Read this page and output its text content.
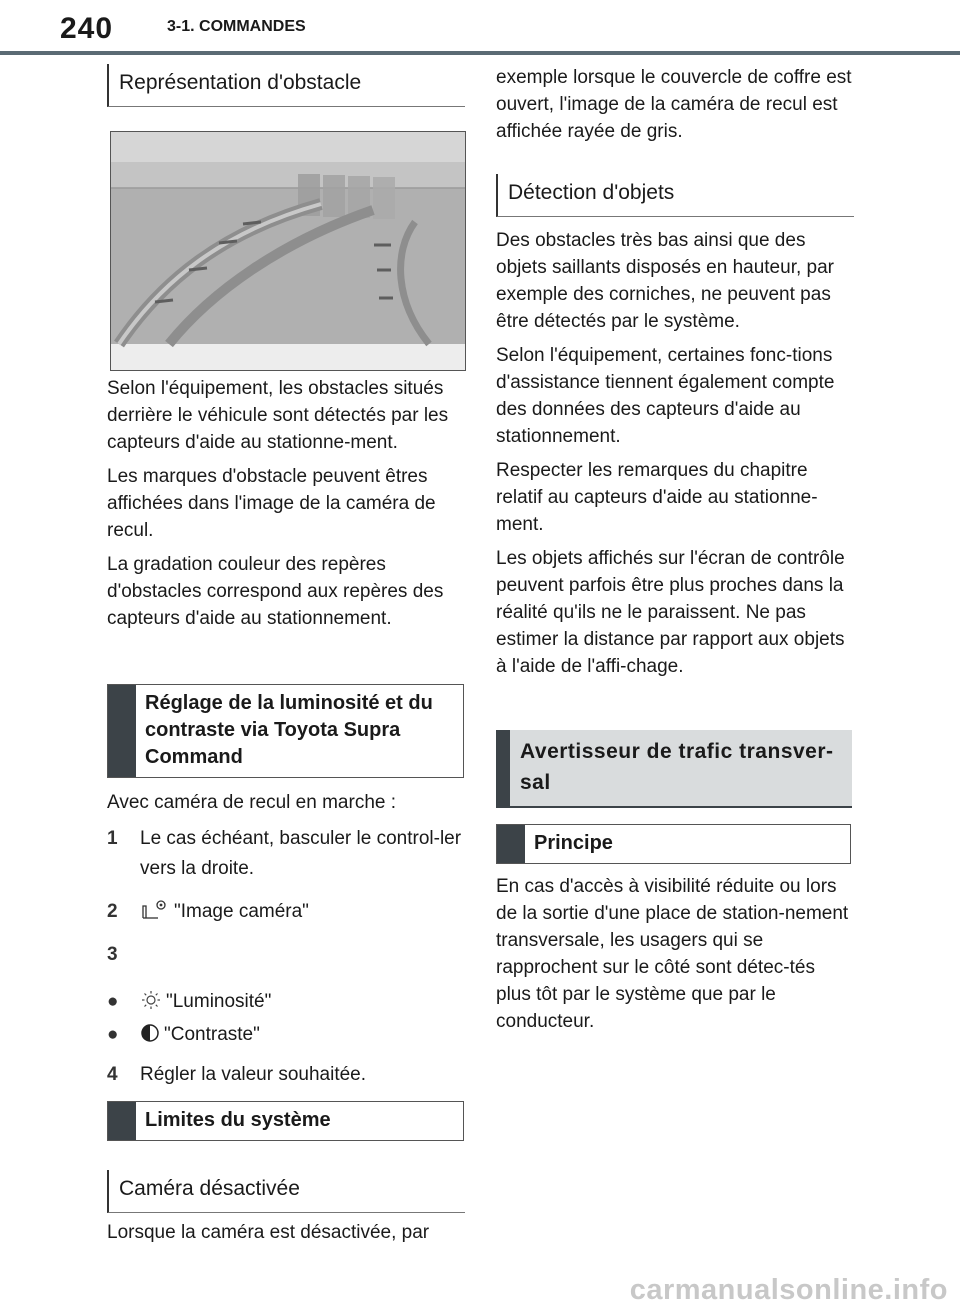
240	3-1. COMMANDES
Représentation d'obstacle

Selon l'équipement, les obstacles situés derrière le véhicule sont détectés par les capteurs d'aide au stationne-ment.

Les marques d'obstacle peuvent êtres affichées dans l'image de la caméra de recul.

La gradation couleur des repères d'obstacles correspond aux repères des capteurs d'aide au stationnement.

Réglage de la luminosité et du contraste via Toyota Supra Command

Avec caméra de recul en marche :

1	Le cas échéant, basculer le control-ler vers la droite.
2	"Image caméra"
3
●	"Luminosité"
●	"Contraste"
4	Régler la valeur souhaitée.
Limites du système
Caméra désactivée

Lorsque la caméra est désactivée, par

exemple lorsque le couvercle de coffre est ouvert, l'image de la caméra de recul est affichée rayée de gris.

Détection d'objets

Des obstacles très bas ainsi que des objets saillants disposés en hauteur, par exemple des corniches, ne peuvent pas être détectés par le système.

Selon l'équipement, certaines fonc-tions d'assistance tiennent également compte des données des capteurs d'aide au stationnement.

Respecter les remarques du chapitre relatif au capteurs d'aide au stationne-ment.

Les objets affichés sur l'écran de contrôle peuvent parfois être plus proches dans la réalité qu'ils ne le paraissent. Ne pas estimer la distance par rapport aux objets à l'aide de l'affi-chage.

Avertisseur de trafic transver-sal
Principe

En cas d'accès à visibilité réduite ou lors de la sortie d'une place de station-nement transversale, les usagers qui se rapprochent sur le côté sont détec-tés plus tôt par le système que par le conducteur.

carmanualsonline.info
